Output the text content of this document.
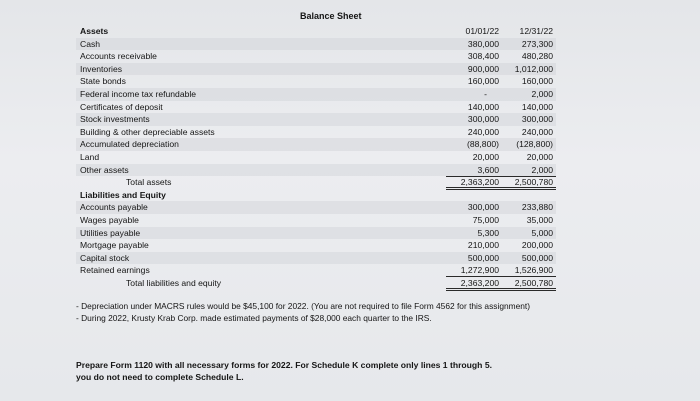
Balance Sheet
Assets	01/01/22	12/31/22
Cash	380,000	273,300
Accounts receivable	308,400	480,280
Inventories	900,000	1,012,000
State bonds	160,000	160,000
Federal income tax refundable	-	2,000
Certificates of deposit	140,000	140,000
Stock investments	300,000	300,000
Building & other depreciable assets	240,000	240,000
Accumulated depreciation	(88,800)	(128,800)
Land	20,000	20,000
Other assets	3,600	2,000
Total assets	2,363,200	2,500,780
Liabilities and Equity
Accounts payable	300,000	233,880
Wages payable	75,000	35,000
Utilities payable	5,300	5,000
Mortgage payable	210,000	200,000
Capital stock	500,000	500,000
Retained earnings	1,272,900	1,526,900
Total liabilities and equity	2,363,200	2,500,780

- Depreciation under MACRS rules would be $45,100 for 2022. (You are not required to file Form 4562 for this assignment)

- During 2022, Krusty Krab Corp. made estimated payments of $28,000 each quarter to the IRS.

Prepare Form 1120 with all necessary forms for 2022. For Schedule K complete only lines 1 through 5.

you do not need to complete Schedule L.
